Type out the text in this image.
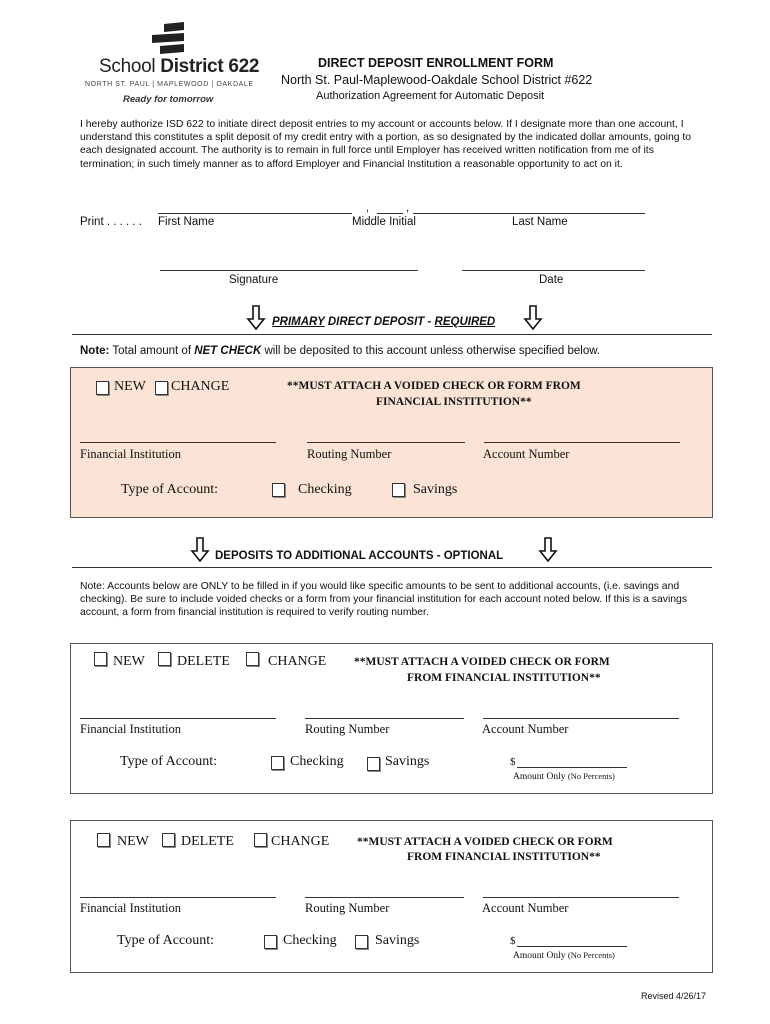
School District 622
NORTH ST. PAUL | MAPLEWOOD | OAKDALE
Ready for tomorrow
DIRECT DEPOSIT ENROLLMENT FORM
North St. Paul-Maplewood-Oakdale School District #622
Authorization Agreement for Automatic Deposit
I hereby authorize ISD 622 to initiate direct deposit entries to my account or accounts below. If I designate more than one account, I understand this constitutes a split deposit of my credit entry with a portion, as so designated by the indicated dollar amounts, going to each designated account. The authority is to remain in full force until Employer has received written notification from me of its termination; in such timely manner as to afford Employer and Financial Institution a reasonable opportunity to act on it.
,	,
Print . . . . . . First Name	Middle Initial	Last Name
Signature	Date
PRIMARY DIRECT DEPOSIT - REQUIRED
Note: Total amount of NET CHECK will be deposited to this account unless otherwise specified below.
NEW CHANGE	**MUST ATTACH A VOIDED CHECK OR FORM FROM
FINANCIAL INSTITUTION**
Financial Institution	Routing Number	Account Number
Type of Account:	Checking	Savings
DEPOSITS TO ADDITIONAL ACCOUNTS - OPTIONAL
Note: Accounts below are ONLY to be filled in if you would like specific amounts to be sent to additional accounts, (i.e. savings and checking). Be sure to include voided checks or a form from your financial institution for each account noted below. If this is a savings account, a form from financial institution is required to verify routing number.
NEW DELETE	CHANGE **MUST ATTACH A VOIDED CHECK OR FORM
FROM FINANCIAL INSTITUTION**
Financial Institution	Routing Number	Account Number
Type of Account:	Checking	Savings	$
Amount Only (No Percents)
NEW DELETE	CHANGE **MUST ATTACH A VOIDED CHECK OR FORM
FROM FINANCIAL INSTITUTION**
Financial Institution	Routing Number	Account Number
Type of Account:	Checking	Savings	$
Amount Only (No Percents)
Revised 4/26/17
